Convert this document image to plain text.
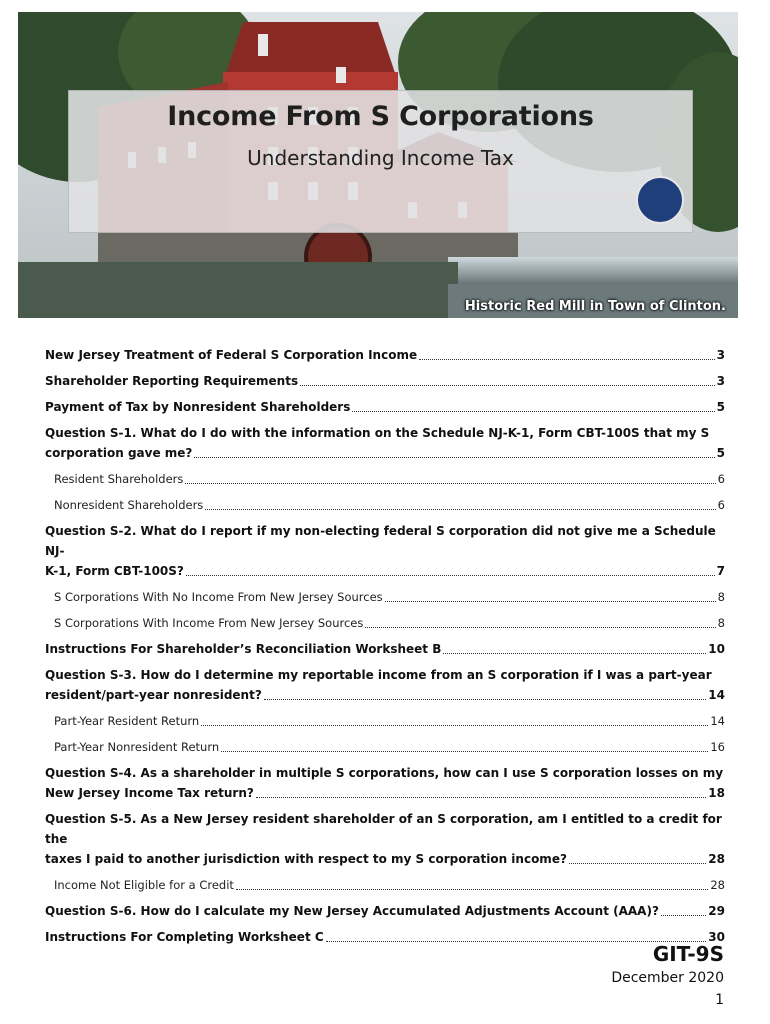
Historic Red Mill in Town of Clinton.
Income From S Corporations
Understanding Income Tax
New Jersey Treatment of Federal S Corporation Income	3
Shareholder Reporting Requirements	3
Payment of Tax by Nonresident Shareholders	5
Question S-1. What do I do with the information on the Schedule NJ-K-1, Form CBT-100S that my S
corporation gave me?	5
Resident Shareholders	6
Nonresident Shareholders	6
Question S-2. What do I report if my non-electing federal S corporation did not give me a Schedule NJ-
K-1, Form CBT-100S?	7
S Corporations With No Income From New Jersey Sources	8
S Corporations With Income From New Jersey Sources	8
Instructions For Shareholder’s Reconciliation Worksheet B	10
Question S-3. How do I determine my reportable income from an S corporation if I was a part-year
resident/part-year nonresident?	14
Part-Year Resident Return	14
Part-Year Nonresident Return	16
Question S-4. As a shareholder in multiple S corporations, how can I use S corporation losses on my
New Jersey Income Tax return?	18
Question S-5. As a New Jersey resident shareholder of an S corporation, am I entitled to a credit for the
taxes I paid to another jurisdiction with respect to my S corporation income?	28
Income Not Eligible for a Credit	28
Question S-6. How do I calculate my New Jersey Accumulated Adjustments Account (AAA)?	29
Instructions For Completing Worksheet C	30
GIT-9S
December 2020
1
